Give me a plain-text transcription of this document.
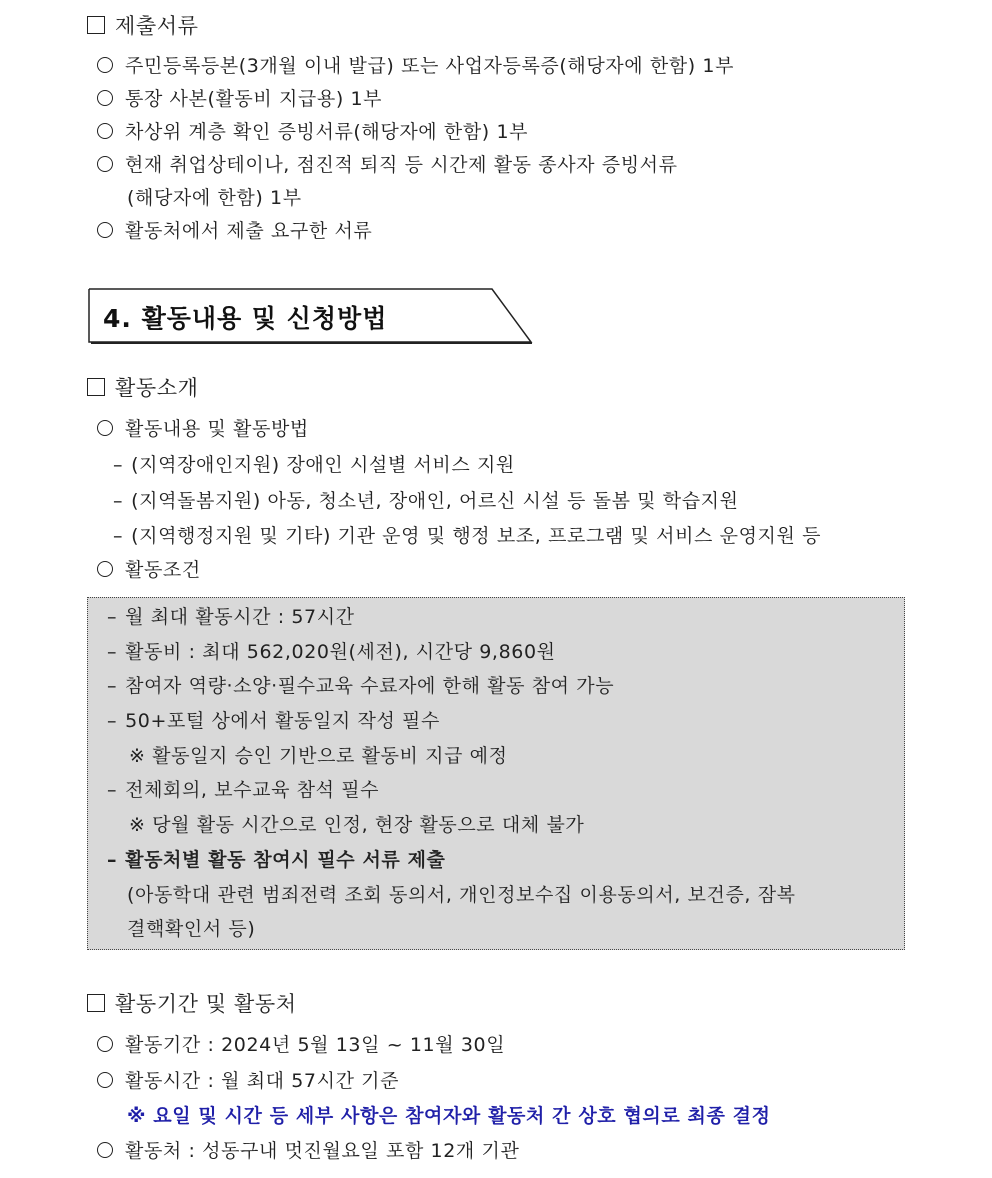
제출서류
주민등록등본(3개월 이내 발급) 또는 사업자등록증(해당자에 한함) 1부
통장 사본(활동비 지급용) 1부
차상위 계층 확인 증빙서류(해당자에 한함) 1부
현재 취업상테이나, 점진적 퇴직 등 시간제 활동 종사자 증빙서류
(해당자에 한함) 1부
활동처에서 제출 요구한 서류
4. 활동내용 및 신청방법
활동소개
활동내용 및 활동방법
– (지역장애인지원) 장애인 시설별 서비스 지원
– (지역돌봄지원) 아동, 청소년, 장애인, 어르신 시설 등 돌봄 및 학습지원
– (지역행정지원 및 기타) 기관 운영 및 행정 보조, 프로그램 및 서비스 운영지원 등
활동조건
– 월 최대 활동시간 : 57시간
– 활동비 : 최대 562,020원(세전), 시간당 9,860원
– 참여자 역량·소양·필수교육 수료자에 한해 활동 참여 가능
– 50+포털 상에서 활동일지 작성 필수
※ 활동일지 승인 기반으로 활동비 지급 예정
– 전체회의, 보수교육 참석 필수
※ 당월 활동 시간으로 인정, 현장 활동으로 대체 불가
– 활동처별 활동 참여시 필수 서류 제출
(아동학대 관련 범죄전력 조회 동의서, 개인정보수집 이용동의서, 보건증, 잠복
결핵확인서 등)
활동기간 및 활동처
활동기간 : 2024년 5월 13일 ~ 11월 30일
활동시간 : 월 최대 57시간 기준
※ 요일 및 시간 등 세부 사항은 참여자와 활동처 간 상호 협의로 최종 결정
활동처 : 성동구내 멋진월요일 포함 12개 기관
